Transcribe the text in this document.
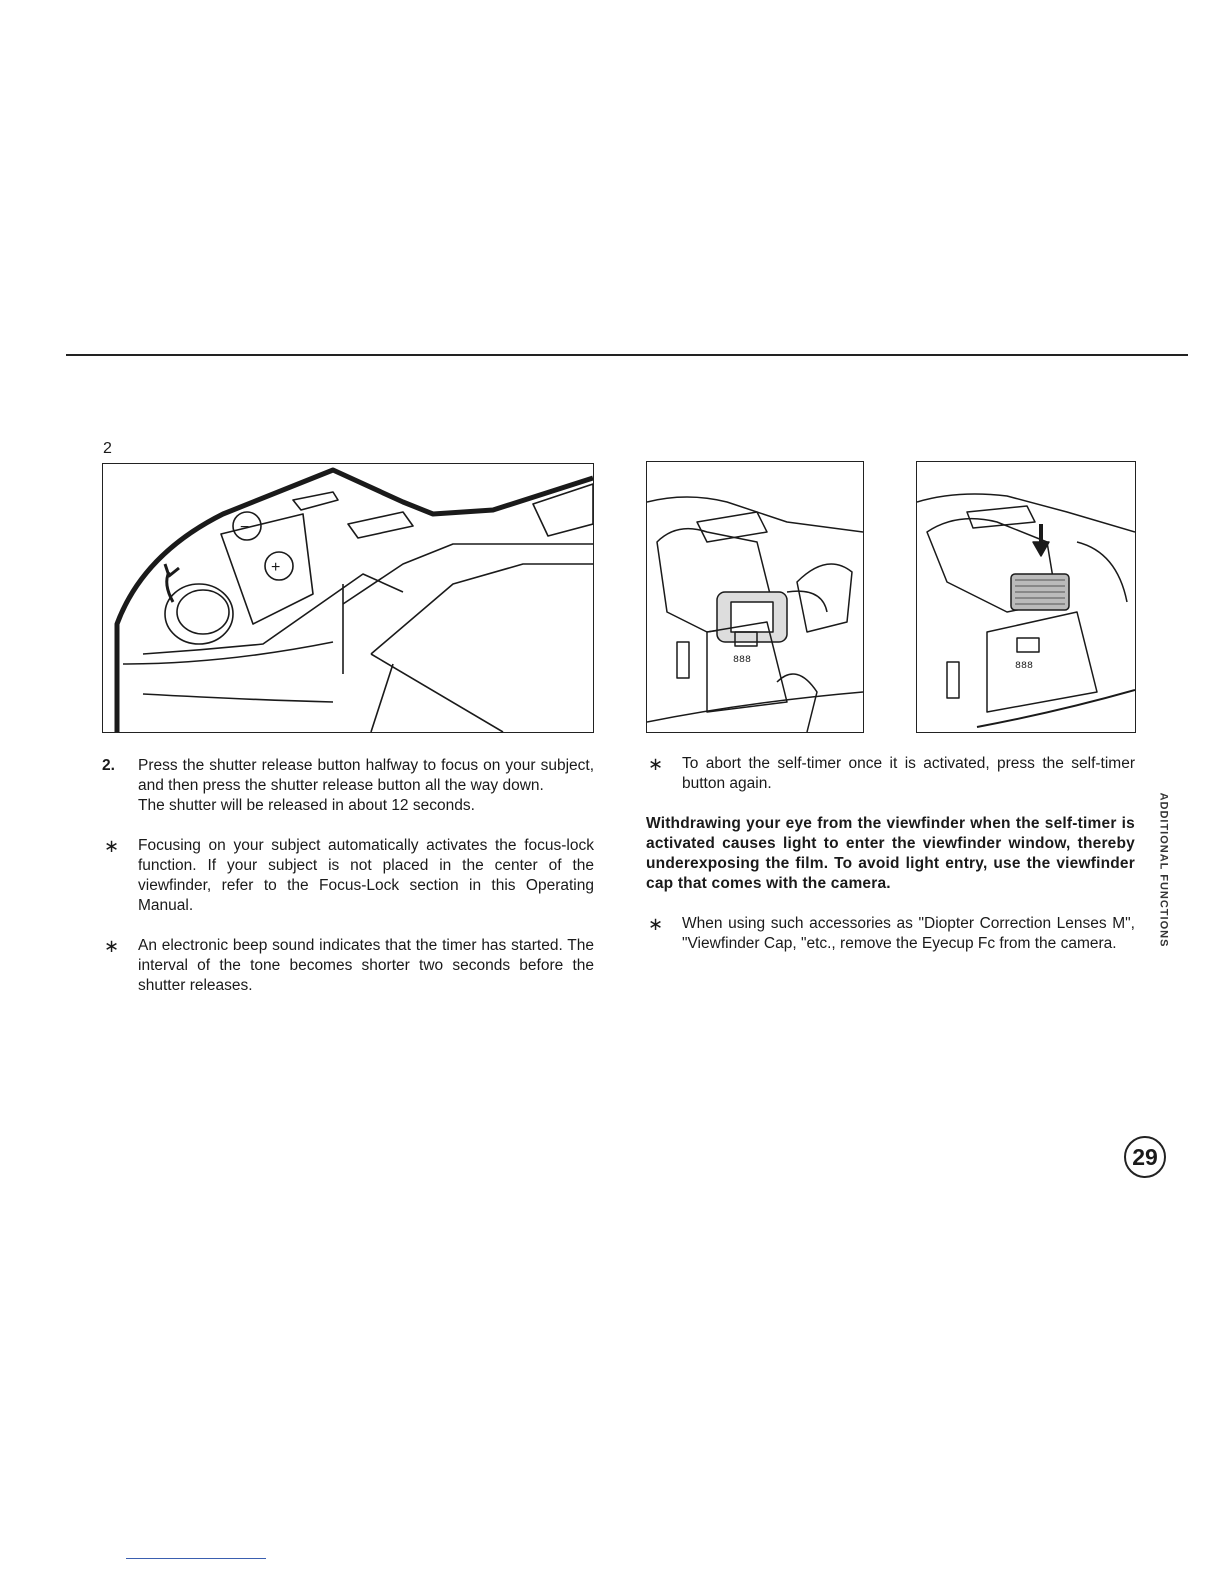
2
−
+
888
888
2. Press the shutter release button halfway to focus on your subject, and then press the shutter release button all the way down.

The shutter will be released in about 12 seconds.

∗ Focusing on your subject automatically activates the focus-lock function. If your subject is not placed in the center of the viewfinder, refer to the Focus-Lock section in this Operating Manual.

∗ An electronic beep sound indicates that the timer has started. The interval of the tone becomes shorter two seconds before the shutter releases.

∗ To abort the self-timer once it is activated, press the self-timer button again.

Withdrawing your eye from the viewfinder when the self-timer is activated causes light to enter the viewfinder window, thereby underexposing the film. To avoid light entry, use the viewfinder cap that comes with the camera.

∗ When using such accessories as "Diopter Correction Lenses M", "Viewfinder Cap, "etc., remove the Eyecup Fc from the camera.	ADDITIONAL FUNCTIONS
29
